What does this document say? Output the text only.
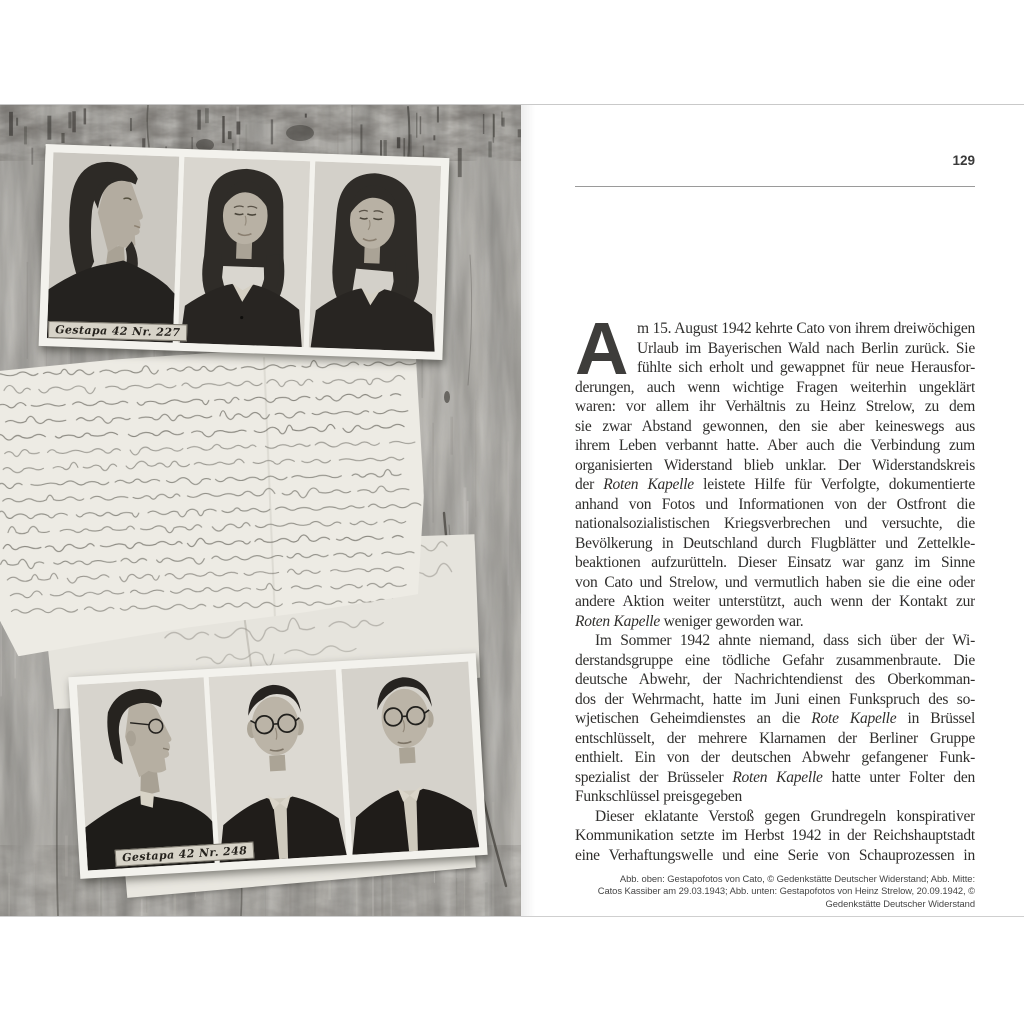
Gestapa 42 Nr. 227
Gestapa 42 Nr. 248
129
A m 15. August 1942 kehrte Cato von ihrem dreiwöchigen
Urlaub im Bayerischen Wald nach Berlin zurück. Sie
fühlte sich erholt und gewappnet für neue Herausfor-
derungen, auch wenn wichtige Fragen weiterhin ungeklärt
waren: vor allem ihr Verhältnis zu Heinz Strelow, zu dem
sie zwar Abstand gewonnen, den sie aber keineswegs aus
ihrem Leben verbannt hatte. Aber auch die Verbindung zum
organisierten Widerstand blieb unklar. Der Widerstandskreis
der Roten Kapelle leistete Hilfe für Verfolgte, dokumentierte
anhand von Fotos und Informationen von der Ostfront die
nationalsozialistischen Kriegsverbrechen und versuchte, die
Bevölkerung in Deutschland durch Flugblätter und Zettelkle-
beaktionen aufzurütteln. Dieser Einsatz war ganz im Sinne
von Cato und Strelow, und vermutlich haben sie die eine oder
andere Aktion weiter unterstützt, auch wenn der Kontakt zur
Roten Kapelle weniger geworden war.
Im Sommer 1942 ahnte niemand, dass sich über der Wi-
derstandsgruppe eine tödliche Gefahr zusammenbraute. Die
deutsche Abwehr, der Nachrichtendienst des Oberkomman-
dos der Wehrmacht, hatte im Juni einen Funkspruch des so-
wjetischen Geheimdienstes an die Rote Kapelle in Brüssel
entschlüsselt, der mehrere Klarnamen der Berliner Gruppe
enthielt. Ein von der deutschen Abwehr gefangener Funk-
spezialist der Brüsseler Roten Kapelle hatte unter Folter den
Funkschlüssel preisgegeben
Dieser eklatante Verstoß gegen Grundregeln konspirativer
Kommunikation setzte im Herbst 1942 in der Reichshauptstadt
eine Verhaftungswelle und eine Serie von Schauprozessen in
Abb. oben: Gestapofotos von Cato, © Gedenkstätte Deutscher Widerstand; Abb. Mitte:
Catos Kassiber am 29.03.1943; Abb. unten: Gestapofotos von Heinz Strelow, 20.09.1942, ©
Gedenkstätte Deutscher Widerstand
